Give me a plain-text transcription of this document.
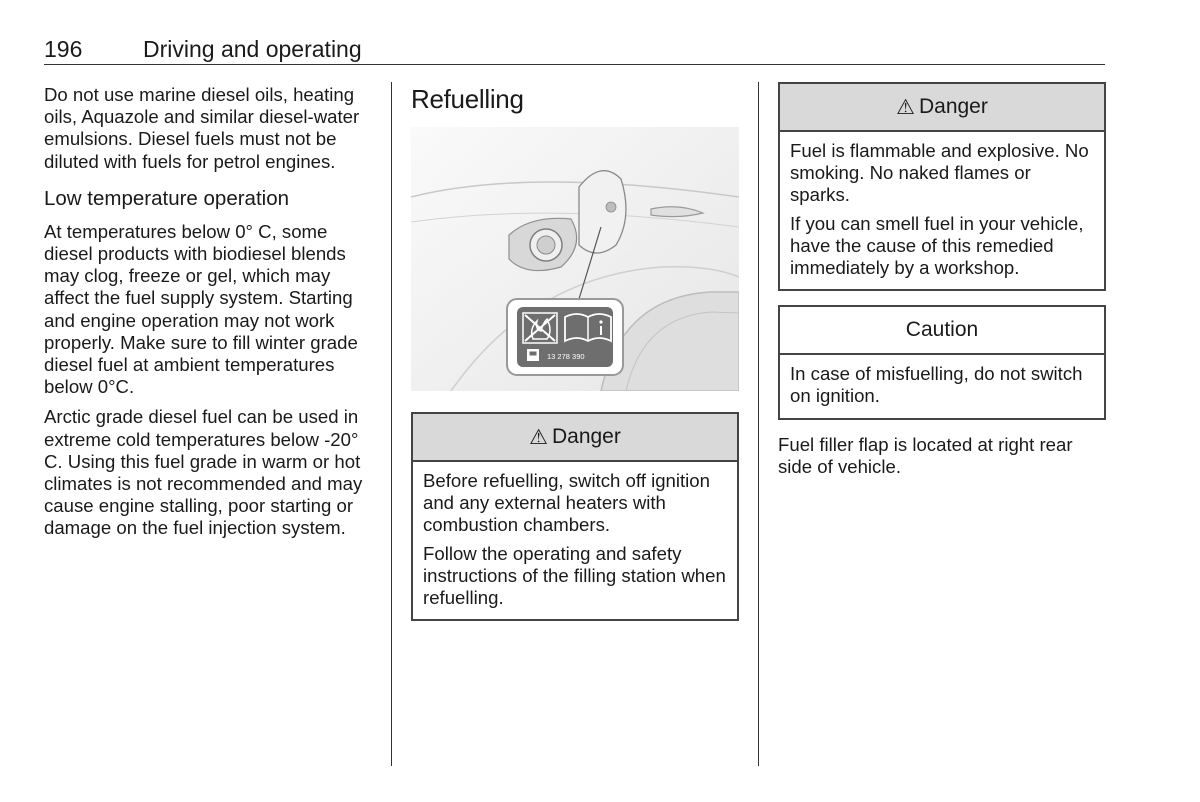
196	Driving and operating

Do not use marine diesel oils, heating oils, Aquazole and similar diesel-water emulsions. Diesel fuels must not be diluted with fuels for petrol engines.

Low temperature operation

At temperatures below 0° C, some diesel products with biodiesel blends may clog, freeze or gel, which may affect the fuel supply system. Starting and engine operation may not work properly. Make sure to fill winter grade diesel fuel at ambient temperatures below 0°C.

Arctic grade diesel fuel can be used in extreme cold temperatures below -20° C. Using this fuel grade in warm or hot climates is not recommended and may cause engine stalling, poor starting or damage on the fuel injection system.

Refuelling
13 278 390
⚠ Danger

Before refuelling, switch off ignition and any external heaters with combustion chambers.

Follow the operating and safety instructions of the filling station when refuelling.

⚠ Danger

Fuel is flammable and explosive. No smoking. No naked flames or sparks.

If you can smell fuel in your vehicle, have the cause of this remedied immediately by a workshop.

Caution

In case of misfuelling, do not switch on ignition.

Fuel filler flap is located at right rear side of vehicle.
